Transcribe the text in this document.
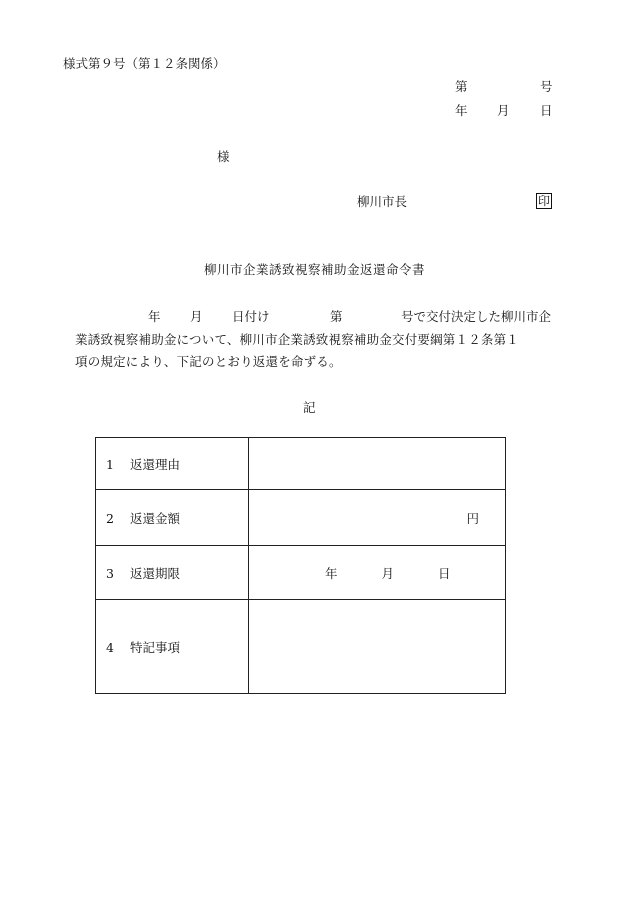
様式第９号（第１２条関係）
第	号
年 月 日
様
柳川市長	印
柳川市企業誘致視察補助金返還命令書
年 月 日付け	第	号で交付決定した柳川市企
業誘致視察補助金について、柳川市企業誘致視察補助金交付要綱第１２条第１
項の規定により、下記のとおり返還を命ずる。
記
1 返還理由	
2 返還金額	円
3 返還期限	年 月 日
4 特記事項	
